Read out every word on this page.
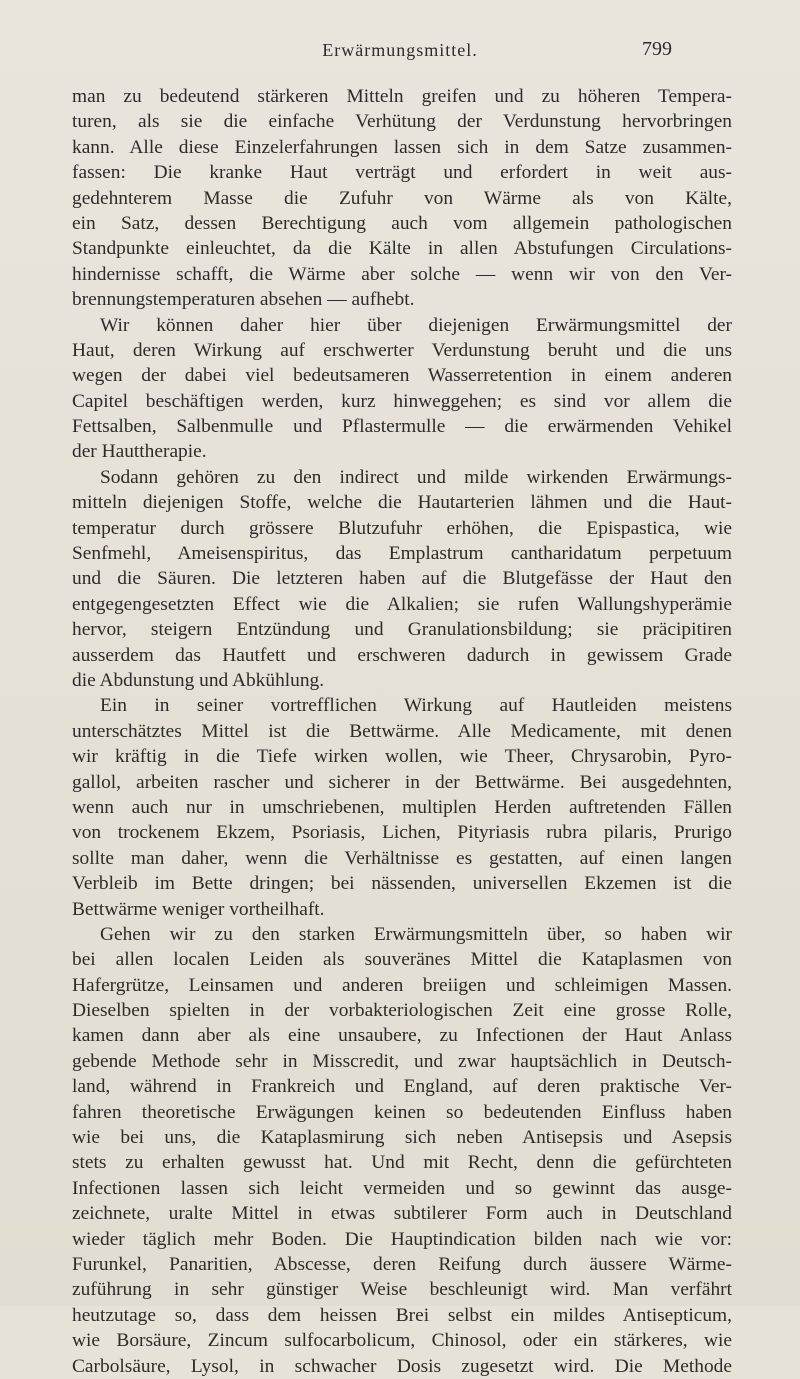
Erwärmungsmittel.	799
man zu bedeutend stärkeren Mitteln greifen und zu höheren Tempera-
turen, als sie die einfache Verhütung der Verdunstung hervorbringen
kann. Alle diese Einzelerfahrungen lassen sich in dem Satze zusammen-
fassen: Die kranke Haut verträgt und erfordert in weit aus-
gedehnterem Masse die Zufuhr von Wärme als von Kälte,
ein Satz, dessen Berechtigung auch vom allgemein pathologischen
Standpunkte einleuchtet, da die Kälte in allen Abstufungen Circulations-
hindernisse schafft, die Wärme aber solche — wenn wir von den Ver-
brennungstemperaturen absehen — aufhebt.
Wir können daher hier über diejenigen Erwärmungsmittel der
Haut, deren Wirkung auf erschwerter Verdunstung beruht und die uns
wegen der dabei viel bedeutsameren Wasserretention in einem anderen
Capitel beschäftigen werden, kurz hinweggehen; es sind vor allem die
Fettsalben, Salbenmulle und Pflastermulle — die erwärmenden Vehikel
der Hauttherapie.
Sodann gehören zu den indirect und milde wirkenden Erwärmungs-
mitteln diejenigen Stoffe, welche die Hautarterien lähmen und die Haut-
temperatur durch grössere Blutzufuhr erhöhen, die Epispastica, wie
Senfmehl, Ameisenspiritus, das Emplastrum cantharidatum perpetuum
und die Säuren. Die letzteren haben auf die Blutgefässe der Haut den
entgegengesetzten Effect wie die Alkalien; sie rufen Wallungshyperämie
hervor, steigern Entzündung und Granulationsbildung; sie präcipitiren
ausserdem das Hautfett und erschweren dadurch in gewissem Grade
die Abdunstung und Abkühlung.
Ein in seiner vortrefflichen Wirkung auf Hautleiden meistens
unterschätztes Mittel ist die Bettwärme. Alle Medicamente, mit denen
wir kräftig in die Tiefe wirken wollen, wie Theer, Chrysarobin, Pyro-
gallol, arbeiten rascher und sicherer in der Bettwärme. Bei ausgedehnten,
wenn auch nur in umschriebenen, multiplen Herden auftretenden Fällen
von trockenem Ekzem, Psoriasis, Lichen, Pityriasis rubra pilaris, Prurigo
sollte man daher, wenn die Verhältnisse es gestatten, auf einen langen
Verbleib im Bette dringen; bei nässenden, universellen Ekzemen ist die
Bettwärme weniger vortheilhaft.
Gehen wir zu den starken Erwärmungsmitteln über, so haben wir
bei allen localen Leiden als souveränes Mittel die Kataplasmen von
Hafergrütze, Leinsamen und anderen breiigen und schleimigen Massen.
Dieselben spielten in der vorbakteriologischen Zeit eine grosse Rolle,
kamen dann aber als eine unsaubere, zu Infectionen der Haut Anlass
gebende Methode sehr in Misscredit, und zwar hauptsächlich in Deutsch-
land, während in Frankreich und England, auf deren praktische Ver-
fahren theoretische Erwägungen keinen so bedeutenden Einfluss haben
wie bei uns, die Kataplasmirung sich neben Antisepsis und Asepsis
stets zu erhalten gewusst hat. Und mit Recht, denn die gefürchteten
Infectionen lassen sich leicht vermeiden und so gewinnt das ausge-
zeichnete, uralte Mittel in etwas subtilerer Form auch in Deutschland
wieder täglich mehr Boden. Die Hauptindication bilden nach wie vor:
Furunkel, Panaritien, Abscesse, deren Reifung durch äussere Wärme-
zuführung in sehr günstiger Weise beschleunigt wird. Man verfährt
heutzutage so, dass dem heissen Brei selbst ein mildes Antisepticum,
wie Borsäure, Zincum sulfocarbolicum, Chinosol, oder ein stärkeres, wie
Carbolsäure, Lysol, in schwacher Dosis zugesetzt wird. Die Methode
